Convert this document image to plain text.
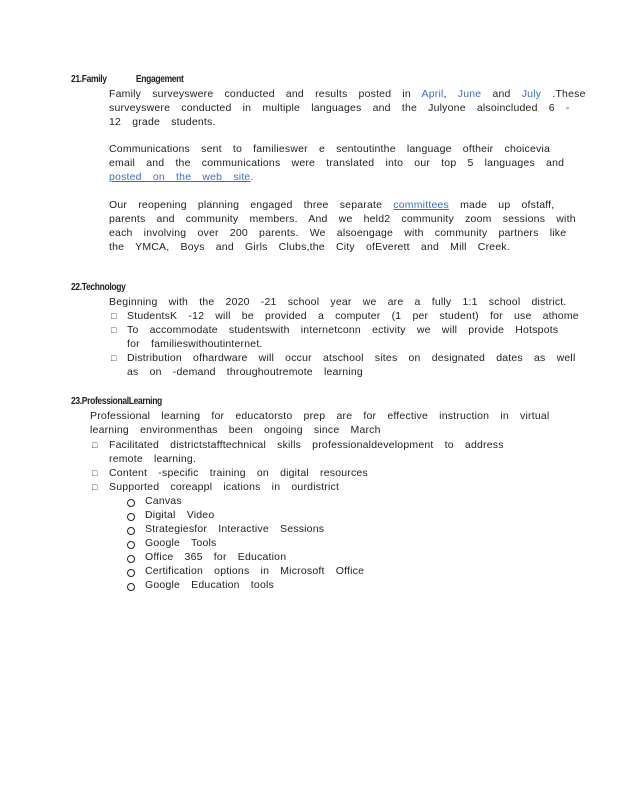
21.Family	Engagement
Family surveyswere conducted and results posted in April, June and July .These
surveyswere conducted in multiple languages and the Julyone alsoincluded 6 -
12 grade students.
Communications sent to familieswer e sentoutinthe language oftheir choicevia
email and the communications were translated into our top 5 languages and
posted on the web site.
Our reopening planning engaged three separate committees made up ofstaff,
parents and community members. And we held2 community zoom sessions with
each involving over 200 parents. We alsoengage with community partners like
the YMCA, Boys and Girls Clubs,the City ofEverett and Mill Creek.
22.Technology
Beginning with the 2020 -21 school year we are a fully 1:1 school district.
□ StudentsK -12 will be provided a computer (1 per student) for use athome
□ To accommodate studentswith internetconn ectivity we will provide Hotspots
for familieswithoutinternet.
□ Distribution ofhardware will occur atschool sites on designated dates as well
as on -demand throughoutremote learning
23.ProfessionalLearning
Professional learning for educatorsto prep are for effective instruction in virtual
learning environmenthas been ongoing since March
□ Facilitated districtstafftechnical skills professionaldevelopment to address
remote learning.
□ Content -specific training on digital resources
□ Supported coreappl ications in ourdistrict
Canvas
Digital Video
Strategiesfor Interactive Sessions
Google Tools
Office 365 for Education
Certification options in Microsoft Office
Google Education tools
